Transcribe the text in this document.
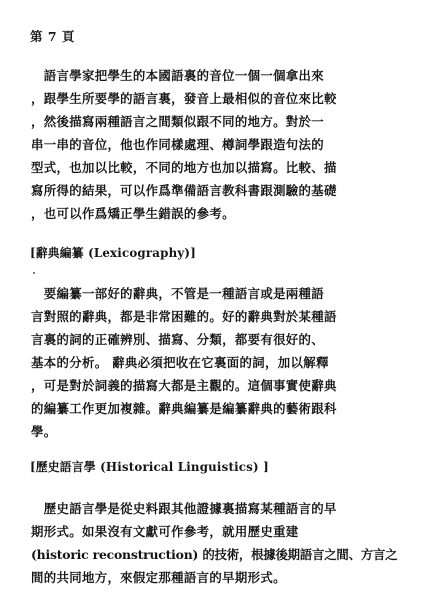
第 7 頁
　語言學家把學生的本國語裏的音位一個一個拿出來
，跟學生所要學的語言裏，發音上最相似的音位來比較
，然後描寫兩種語言之間類似跟不同的地方。對於一
串一串的音位，他也作同樣處理、樽詞學跟造句法的
型式，也加以比較，不同的地方也加以描寫。比較、描
寫所得的結果，可以作爲準備語言教科書跟測驗的基礎
，也可以作爲矯正學生錯誤的參考。
[辭典編纂 (Lexicography)]
　要編纂一部好的辭典，不管是一種語言或是兩種語
言對照的辭典，都是非常困難的。好的辭典對於某種語
言裏的詞的正確辨別、描寫、分類，都要有很好的、
基本的分析。 辭典必須把收在它裏面的詞，加以解釋
，可是對於詞義的描寫大都是主觀的。這個事實使辭典
的編纂工作更加複雜。辭典編纂是編纂辭典的藝術跟科
學。
[歷史語言學 (Historical Linguistics) ]
　歷史語言學是從史料跟其他證據裏描寫某種語言的早
期形式。如果沒有文獻可作參考，就用歷史重建
(historic reconstruction) 的技術，根據後期語言之間、方言之
間的共同地方，來假定那種語言的早期形式。
